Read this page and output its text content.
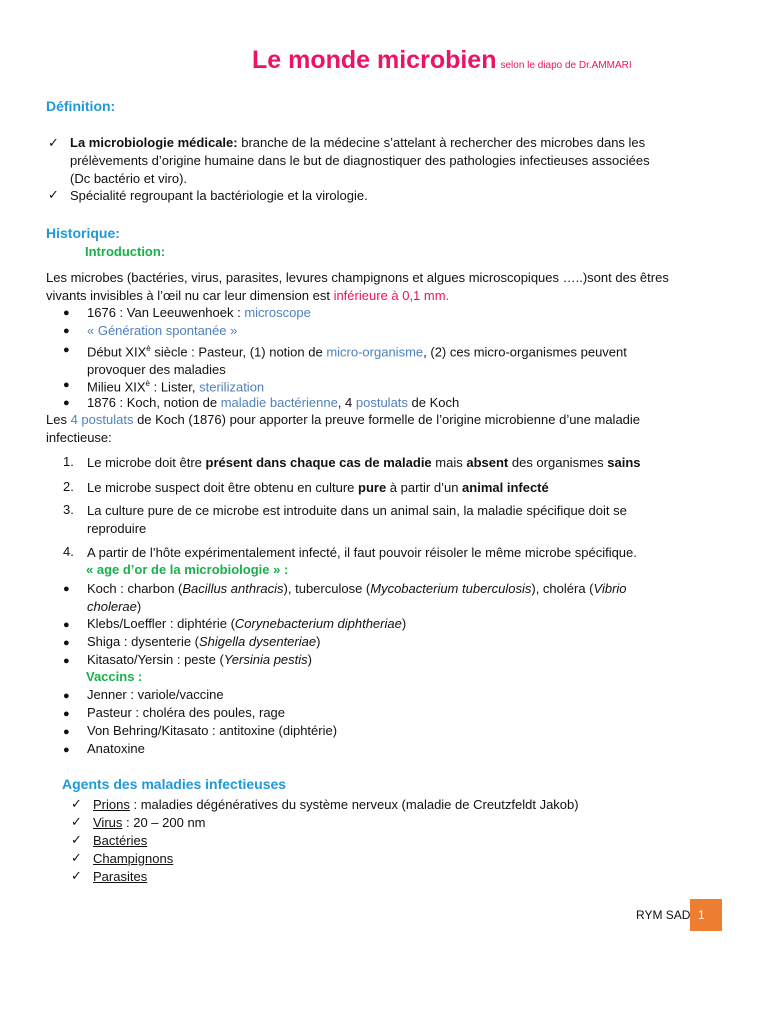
Le monde microbien selon le diapo de Dr.AMMARI
Définition:
✓ La microbiologie médicale: branche de la médecine s’attelant à rechercher des microbes dans les
prélèvements d’origine humaine dans le but de diagnostiquer des pathologies infectieuses associées
(Dc bactério et viro).
✓ Spécialité regroupant la bactériologie et la virologie.
Historique:
Introduction:
Les microbes (bactéries, virus, parasites, levures champignons et algues microscopiques …..)sont des êtres
vivants invisibles à l’œil nu car leur dimension est inférieure à 0,1 mm.
● 1676 : Van Leeuwenhoek : microscope
● « Génération spontanée »
● Début $XIX^è$ siècle : Pasteur, (1) notion de micro-organisme, (2) ces micro-organismes peuvent
provoquer des maladies
● Milieu $XIX^è$ : Lister, sterilization
● 1876 : Koch, notion de maladie bactérienne, 4 postulats de Koch
Les 4 postulats de Koch (1876) pour apporter la preuve formelle de l’origine microbienne d’une maladie
infectieuse:
1. Le microbe doit être présent dans chaque cas de maladie mais absent des organismes sains
2. Le microbe suspect doit être obtenu en culture pure à partir d’un animal infecté
3. La culture pure de ce microbe est introduite dans un animal sain, la maladie spécifique doit se
reproduire
4. A partir de l’hôte expérimentalement infecté, il faut pouvoir réisoler le même microbe spécifique.
« age d’or de la microbiologie » :
● Koch : charbon (Bacillus anthracis), tuberculose (Mycobacterium tuberculosis), choléra (Vibrio
cholerae)
● Klebs/Loeffler : diphtérie (Corynebacterium diphtheriae)
● Shiga : dysenterie (Shigella dysenteriae)
● Kitasato/Yersin : peste (Yersinia pestis)
Vaccins :
● Jenner : variole/vaccine
● Pasteur : choléra des poules, rage
● Von Behring/Kitasato : antitoxine (diphtérie)
● Anatoxine
Agents des maladies infectieuses
✓ Prions : maladies dégénératives du système nerveux (maladie de Creutzfeldt Jakob)
✓ Virus : 20 – 200 nm
✓ Bactéries
✓ Champignons
✓ Parasites
RYM SAD 1
